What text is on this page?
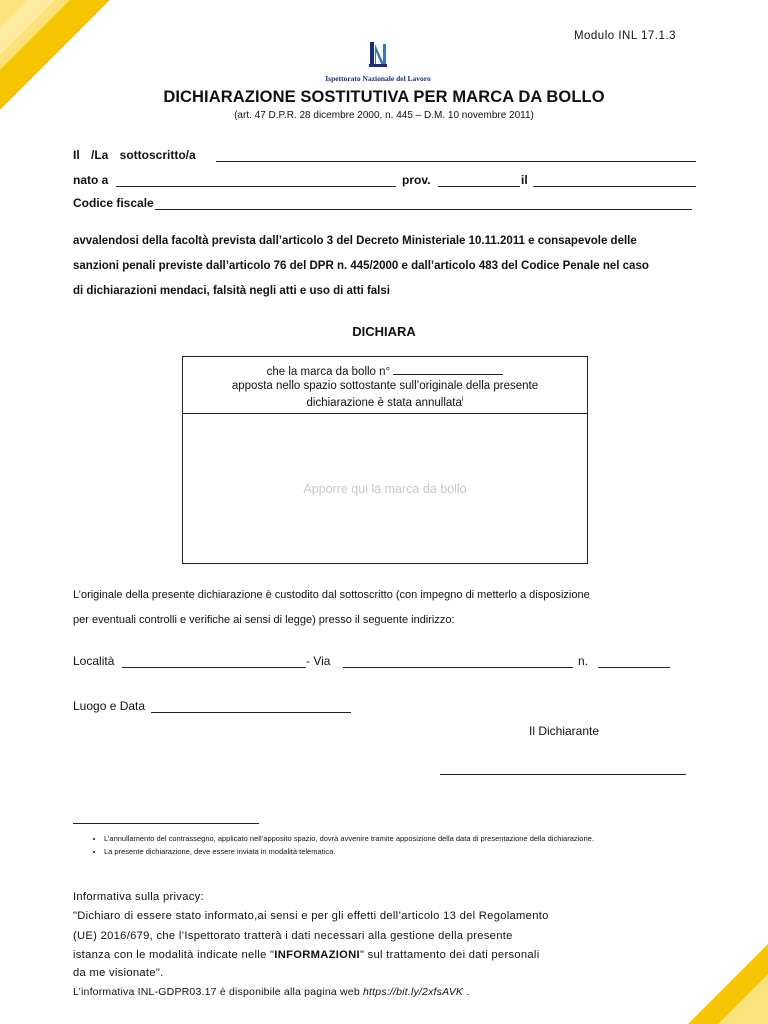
Modulo INL 17.1.3
Ispettorato Nazionale del Lavoro
DICHIARAZIONE SOSTITUTIVA PER MARCA DA BOLLO
(art. 47 D.P.R. 28 dicembre 2000, n. 445 – D.M. 10 novembre 2011)
Il /La sottoscritto/a
nato a	prov.	il
Codice fiscale
avvalendosi della facoltà prevista dall’articolo 3 del Decreto Ministeriale 10.11.2011 e consapevole delle
sanzioni penali previste dall’articolo 76 del DPR n. 445/2000 e dall’articolo 483 del Codice Penale nel caso
di dichiarazioni mendaci, falsità negli atti e uso di atti falsi
DICHIARA
che la marca da bollo n°
apposta nello spazio sottostante sull’originale della presente
dichiarazione è stata annullata$^i$
Apporre qui la marca da bollo
L’originale della presente dichiarazione è custodito dal sottoscritto (con impegno di metterlo a disposizione
per eventuali controlli e verifiche ai sensi di legge) presso il seguente indirizzo:
Località	- Via	n.
Luogo e Data
Il Dichiarante
• L’annullamento del contrassegno, applicato nell’apposito spazio, dovrà avvenire tramite apposizione della data di presentazione della dichiarazione.
• La presente dichiarazione, deve essere inviata in modalità telematica.
Informativa sulla privacy:
"Dichiaro di essere stato informato,ai sensi e per gli effetti dell’articolo 13 del Regolamento
(UE) 2016/679, che l’Ispettorato tratterà i dati necessari alla gestione della presente
istanza con le modalità indicate nelle "INFORMAZIONI" sul trattamento dei dati personali
da me visionate".
L’informativa INL-GDPR03.17 è disponibile alla pagina web https://bit.ly/2xfsAVK .
